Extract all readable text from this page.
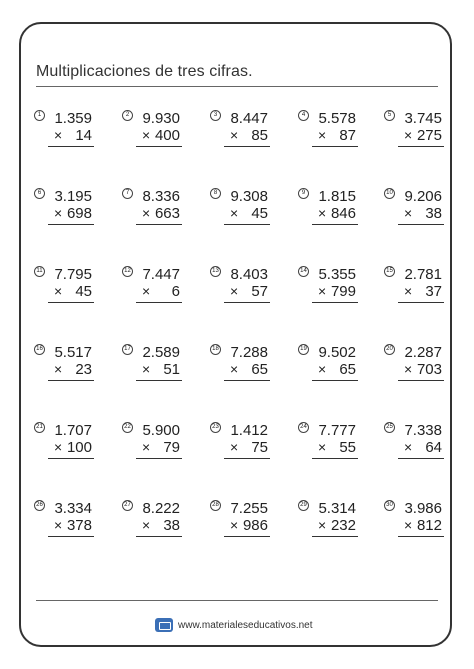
Multiplicaciones de tres cifras.
1 1.359
× 14
2 9.930
× 400
3 8.447
× 85
4 5.578
× 87
5 3.745
× 275
6 3.195
× 698
7 8.336
× 663
8 9.308
× 45
9 1.815
× 846
10 9.206
× 38
11 7.795
× 45
12 7.447
× 6
13 8.403
× 57
14 5.355
× 799
15 2.781
× 37
16 5.517
× 23
17 2.589
× 51
18 7.288
× 65
19 9.502
× 65
20 2.287
× 703
21 1.707
× 100
22 5.900
× 79
23 1.412
× 75
24 7.777
× 55
25 7.338
× 64
26 3.334
× 378
27 8.222
× 38
28 7.255
× 986
29 5.314
× 232
30 3.986
× 812
www.materialeseducativos.net
